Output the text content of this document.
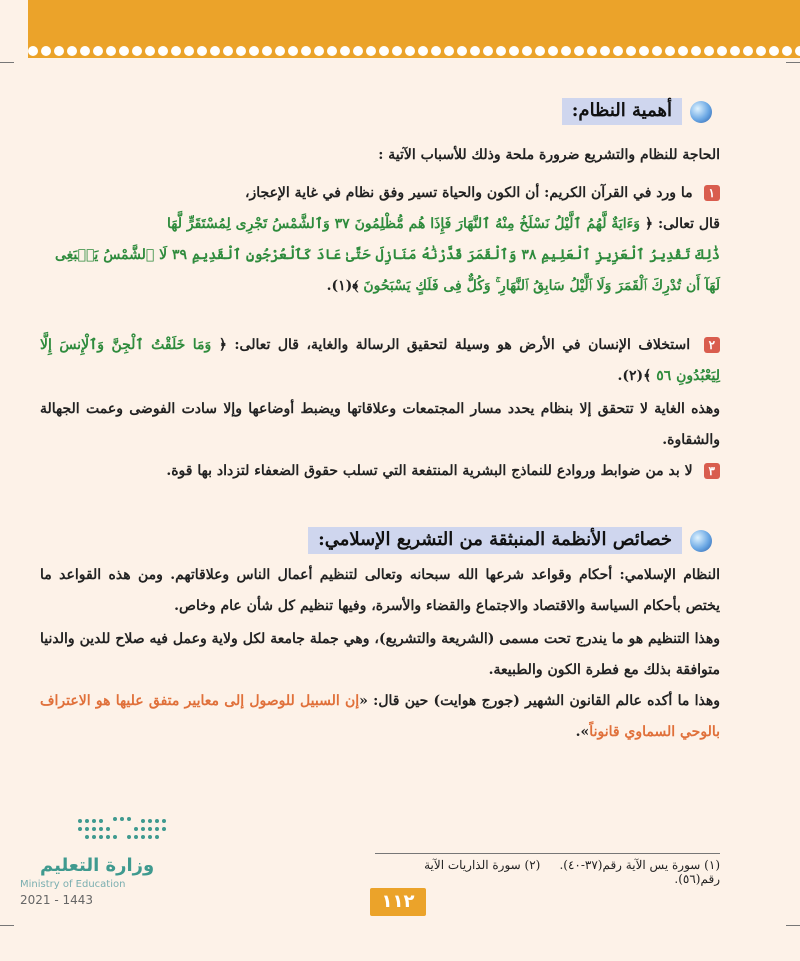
أهمية النظام:
الحاجة للنظام والتشريع ضرورة ملحة وذلك للأسباب الآتية :
١ ما ورد في القرآن الكريم: أن الكون والحياة تسير وفق نظام في غاية الإعجاز،
قال تعالى: ﴿ وَءَايَةٌ لَّهُمُ ٱلَّيْلُ نَسْلَخُ مِنْهُ ٱلنَّهَارَ فَإِذَا هُم مُّظْلِمُونَ ٣٧ وَٱلشَّمْسُ تَجْرِى لِمُسْتَقَرٍّ لَّهَا
ذَٰلِكَ تَقْدِيرُ ٱلْعَزِيزِ ٱلْعَلِيمِ ٣٨ وَٱلْقَمَرَ قَدَّرْنَٰهُ مَنَازِلَ حَتَّىٰ عَادَ كَٱلْعُرْجُونِ ٱلْقَدِيمِ ٣٩ لَا ٱلشَّمْسُ يَنۢبَغِى
لَهَآ أَن تُدْرِكَ ٱلْقَمَرَ وَلَا ٱلَّيْلُ سَابِقُ ٱلنَّهَارِ ۚ وَكُلٌّ فِى فَلَكٍ يَسْبَحُونَ ﴾(١).
٢ استخلاف الإنسان في الأرض هو وسيلة لتحقيق الرسالة والغاية، قال تعالى: ﴿ وَمَا خَلَقْتُ ٱلْجِنَّ وَٱلْإِنسَ إِلَّا لِيَعْبُدُونِ ٥٦ ﴾(٢).
وهذه الغاية لا تتحقق إلا بنظام يحدد مسار المجتمعات وعلاقاتها ويضبط أوضاعها وإلا سادت الفوضى وعمت الجهالة والشقاوة.
٣ لا بد من ضوابط وروادع للنماذج البشرية المنتفعة التي تسلب حقوق الضعفاء لتزداد بها قوة.
خصائص الأنظمة المنبثقة من التشريع الإسلامي:
النظام الإسلامي: أحكام وقواعد شرعها الله سبحانه وتعالى لتنظيم أعمال الناس وعلاقاتهم. ومن هذه القواعد ما يختص بأحكام السياسة والاقتصاد والاجتماع والقضاء والأسرة، وفيها تنظيم كل شأن عام وخاص.
وهذا التنظيم هو ما يندرج تحت مسمى (الشريعة والتشريع)، وهي جملة جامعة لكل ولاية وعمل فيه صلاح للدين والدنيا متوافقة بذلك مع فطرة الكون والطبيعة.
وهذا ما أكده عالم القانون الشهير (جورج هوايت) حين قال: «إن السبيل للوصول إلى معايير متفق عليها هو الاعتراف بالوحي السماوي قانوناً».
(١) سورة يس الآية رقم(٣٧-٤٠).     (٢) سورة الذاريات الآية رقم(٥٦).
١١٢
وزارة التعليم
Ministry of Education
2021 - 1443
